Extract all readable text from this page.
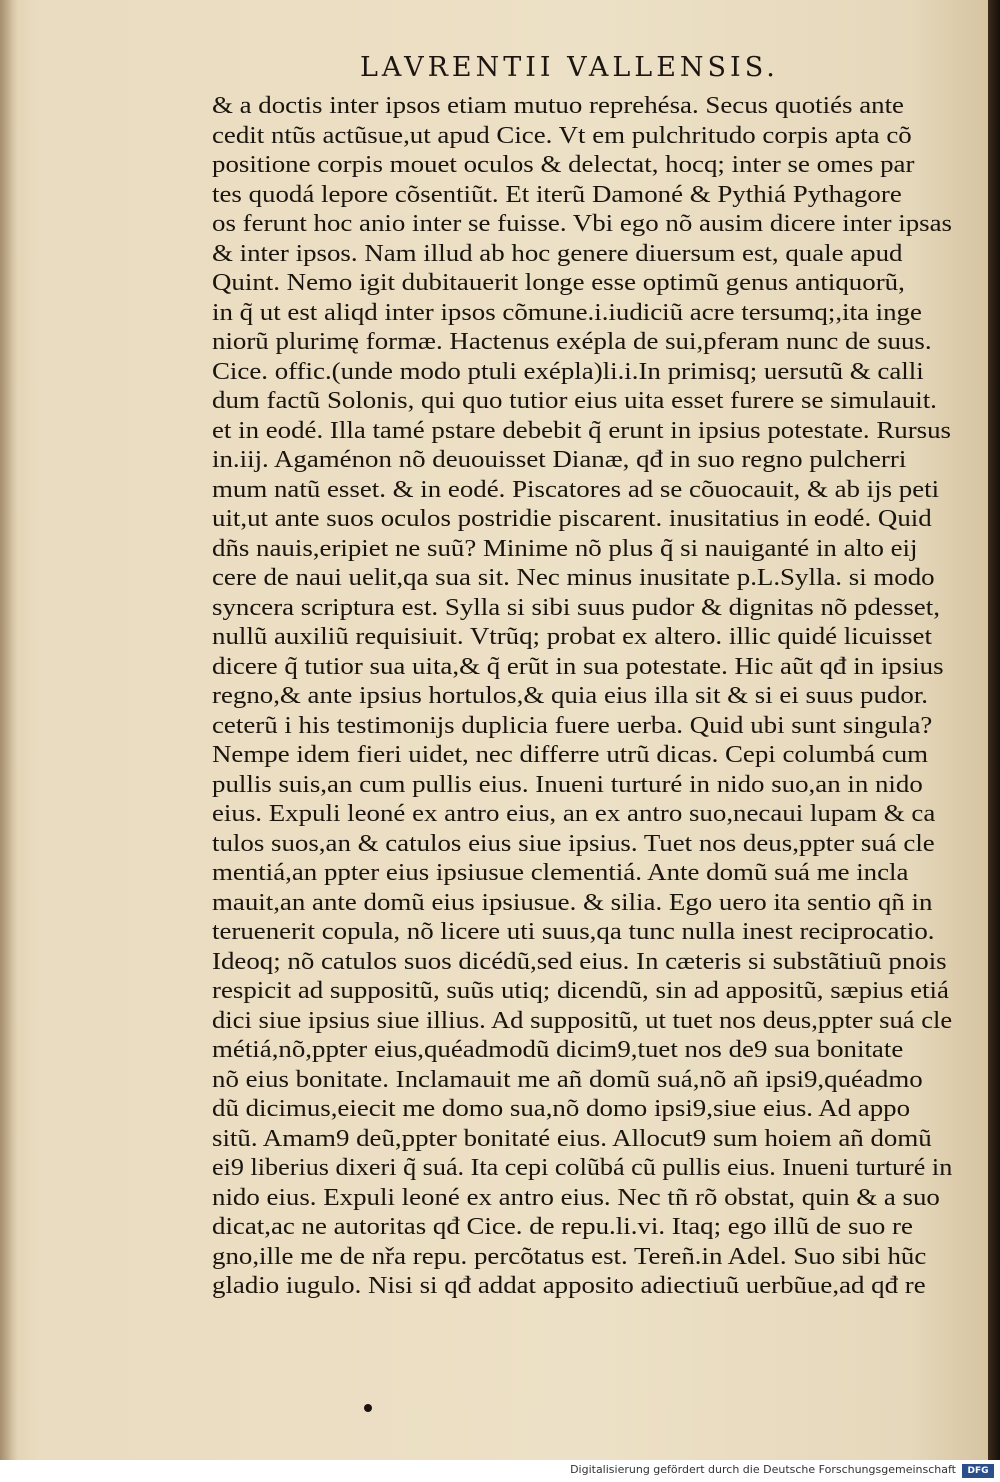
LAVRENTII VALLENSIS.
& a doctis inter ipsos etiam mutuo reprehésa. Secus quotiés ante
cedit ntũs actũsue,ut apud Cice. Vt em pulchritudo corpis apta cõ
positione corpis mouet oculos & delectat, hocq; inter se omes par
tes quodá lepore cõsentiũt. Et iterũ Damoné & Pythiá Pythagore
os ferunt hoc anio inter se fuisse. Vbi ego nõ ausim dicere inter ipsas
& inter ipsos. Nam illud ab hoc genere diuersum est, quale apud
Quint. Nemo igit dubitauerit longe esse optimũ genus antiquorũ,
in q̃ ut est aliqd inter ipsos cõmune.i.iudiciũ acre tersumq;,ita inge
niorũ plurimę formæ. Hactenus exépla de sui,pferam nunc de suus.
Cice. offic.(unde modo ptuli exépla)li.i.In primisq; uersutũ & calli
dum factũ Solonis, qui quo tutior eius uita esset furere se simulauit.
et in eodé. Illa tamé pstare debebit q̃ erunt in ipsius potestate. Rursus
in.iij. Agaménon nõ deuouisset Dianæ, qđ in suo regno pulcherri
mum natũ esset. & in eodé. Piscatores ad se cõuocauit, & ab ijs peti
uit,ut ante suos oculos postridie piscarent. inusitatius in eodé. Quid
dñs nauis,eripiet ne suũ? Minime nõ plus q̃ si nauiganté in alto eij
cere de naui uelit,qa sua sit. Nec minus inusitate p.L.Sylla. si modo
syncera scriptura est. Sylla si sibi suus pudor & dignitas nõ pdesset,
nullũ auxiliũ requisiuit. Vtrũq; probat ex altero. illic quidé licuisset
dicere q̃ tutior sua uita,& q̃ erũt in sua potestate. Hic aũt qđ in ipsius
regno,& ante ipsius hortulos,& quia eius illa sit & si ei suus pudor.
ceterũ i his testimonijs duplicia fuere uerba. Quid ubi sunt singula?
Nempe idem fieri uidet, nec differre utrũ dicas. Cepi columbá cum
pullis suis,an cum pullis eius. Inueni turturé in nido suo,an in nido
eius. Expuli leoné ex antro eius, an ex antro suo,necaui lupam & ca
tulos suos,an & catulos eius siue ipsius. Tuet nos deus,ppter suá cle
mentiá,an ppter eius ipsiusue clementiá. Ante domũ suá me incla
mauit,an ante domũ eius ipsiusue. & silia. Ego uero ita sentio qñ in
teruenerit copula, nõ licere uti suus,qa tunc nulla inest reciprocatio.
Ideoq; nõ catulos suos dicédũ,sed eius. In cæteris si substãtiuũ pnois
respicit ad suppositũ, suũs utiq; dicendũ, sin ad appositũ, sæpius etiá
dici siue ipsius siue illius. Ad suppositũ, ut tuet nos deus,ppter suá cle
métiá,nõ,ppter eius,quéadmodũ dicim9,tuet nos de9 sua bonitate
nõ eius bonitate. Inclamauit me añ domũ suá,nõ añ ipsi9,quéadmo
dũ dicimus,eiecit me domo sua,nõ domo ipsi9,siue eius. Ad appo
sitũ. Amam9 deũ,ppter bonitaté eius. Allocut9 sum hoiem añ domũ
ei9 liberius dixeri q̃ suá. Ita cepi colũbá cũ pullis eius. Inueni turturé in
nido eius. Expuli leoné ex antro eius. Nec tñ rõ obstat, quin & a suo
dicat,ac ne autoritas qđ Cice. de repu.li.vi. Itaq; ego illũ de suo re
gno,ille me de nřa repu. percõtatus est. Tereñ.in Adel. Suo sibi hũc
gladio iugulo. Nisi si qđ addat apposito adiectiuũ uerbũue,ad qđ re
Digitalisierung gefördert durch die Deutsche Forschungsgemeinschaft	DFG
